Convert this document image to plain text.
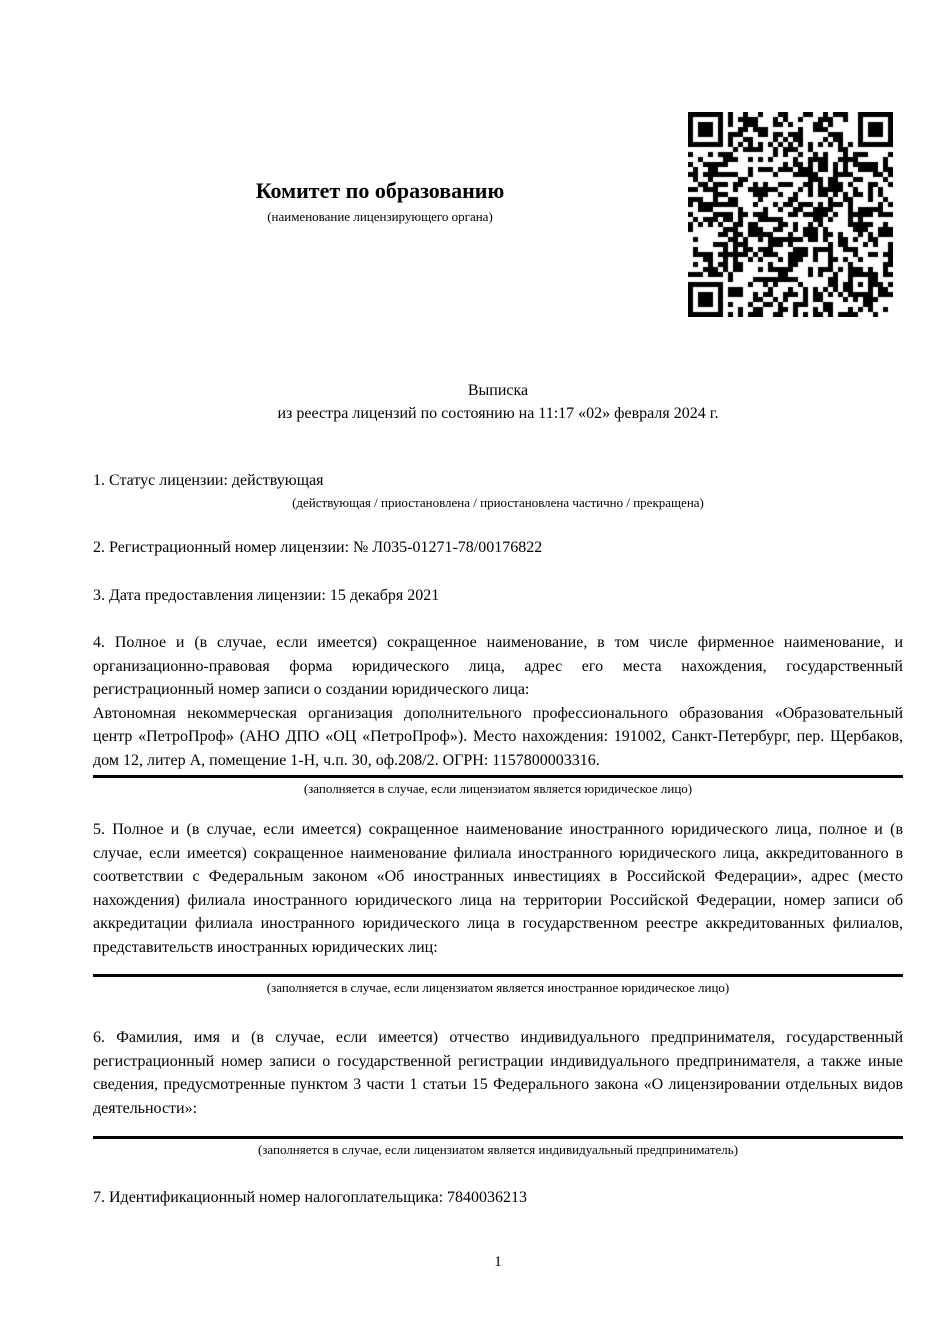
Комитет по образованию
(наименование лицензирующего органа)
Выписка
из реестра лицензий по состоянию на 11:17 «02» февраля 2024 г.
1. Статус лицензии: действующая
(действующая / приостановлена / приостановлена частично / прекращена)
2. Регистрационный номер лицензии: № Л035-01271-78/00176822
3. Дата предоставления лицензии: 15 декабря 2021
4. Полное и (в случае, если имеется) сокращенное наименование, в том числе фирменное наименование, и организационно-правовая форма юридического лица, адрес его места нахождения, государственный регистрационный номер записи о создании юридического лица:
Автономная некоммерческая организация дополнительного профессионального образования «Образовательный центр «ПетроПроф» (АНО ДПО «ОЦ «ПетроПроф»). Место нахождения: 191002, Санкт-Петербург, пер. Щербаков, дом 12, литер А, помещение 1-Н, ч.п. 30, оф.208/2. ОГРН: 1157800003316.
(заполняется в случае, если лицензиатом является юридическое лицо)
5. Полное и (в случае, если имеется) сокращенное наименование иностранного юридического лица, полное и (в случае, если имеется) сокращенное наименование филиала иностранного юридического лица, аккредитованного в соответствии с Федеральным законом «Об иностранных инвестициях в Российской Федерации», адрес (место нахождения) филиала иностранного юридического лица на территории Российской Федерации, номер записи об аккредитации филиала иностранного юридического лица в государственном реестре аккредитованных филиалов, представительств иностранных юридических лиц:
(заполняется в случае, если лицензиатом является иностранное юридическое лицо)
6. Фамилия, имя и (в случае, если имеется) отчество индивидуального предпринимателя, государственный регистрационный номер записи о государственной регистрации индивидуального предпринимателя, а также иные сведения, предусмотренные пунктом 3 части 1 статьи 15 Федерального закона «О лицензировании отдельных видов деятельности»:
(заполняется в случае, если лицензиатом является индивидуальный предприниматель)
7. Идентификационный номер налогоплательщика: 7840036213
1
